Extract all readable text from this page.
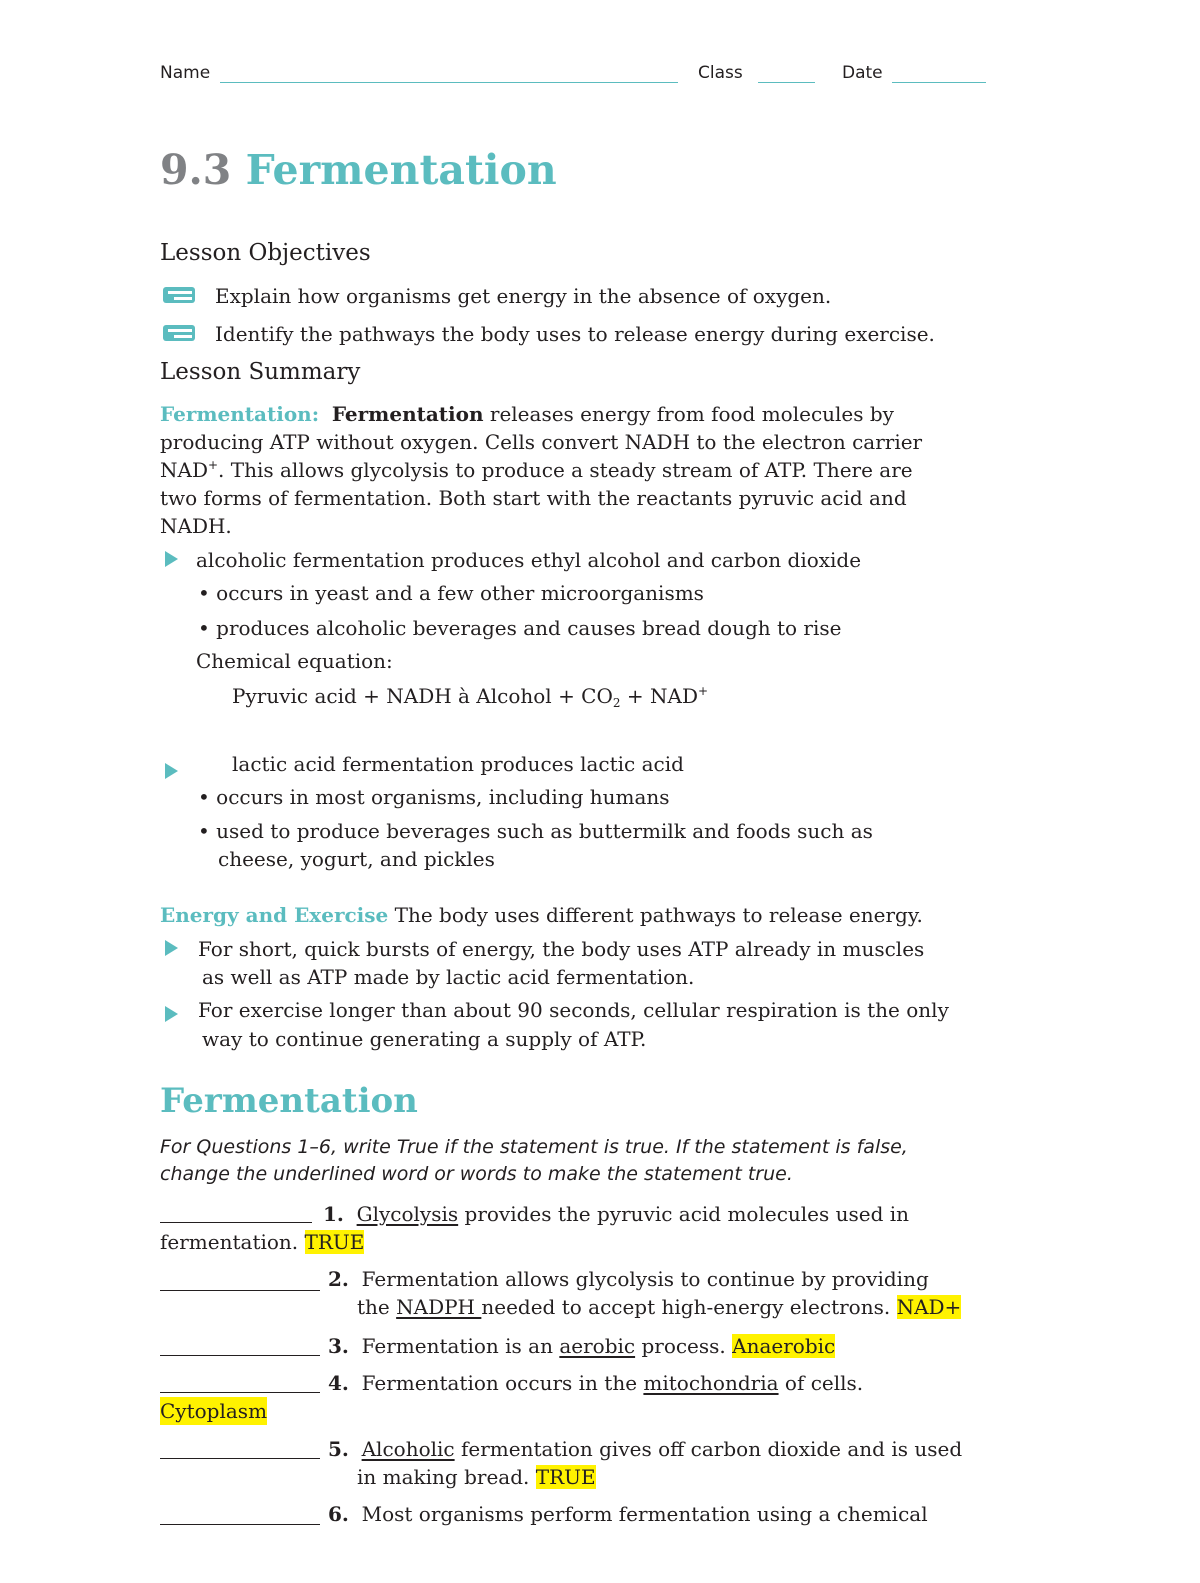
Name	Class	Date
9.3 Fermentation
Lesson Objectives
Explain how organisms get energy in the absence of oxygen.
Identify the pathways the body uses to release energy during exercise.
Lesson Summary
Fermentation: Fermentation releases energy from food molecules by
producing ATP without oxygen. Cells convert NADH to the electron carrier
NAD+. This allows glycolysis to produce a steady stream of ATP. There are
two forms of fermentation. Both start with the reactants pyruvic acid and
NADH.
alcoholic fermentation produces ethyl alcohol and carbon dioxide
• occurs in yeast and a few other microorganisms
• produces alcoholic beverages and causes bread dough to rise
Chemical equation:
Pyruvic acid + NADH à Alcohol + $CO_2 + NAD^+$
lactic acid fermentation produces lactic acid
• occurs in most organisms, including humans
• used to produce beverages such as buttermilk and foods such as
cheese, yogurt, and pickles
Energy and Exercise The body uses different pathways to release energy.
For short, quick bursts of energy, the body uses ATP already in muscles
as well as ATP made by lactic acid fermentation.
For exercise longer than about 90 seconds, cellular respiration is the only
way to continue generating a supply of ATP.
Fermentation
For Questions 1–6, write True if the statement is true. If the statement is false,
change the underlined word or words to make the statement true.
1. Glycolysis provides the pyruvic acid molecules used in
fermentation. TRUE
2. Fermentation allows glycolysis to continue by providing
the NADPH needed to accept high-energy electrons. NAD+
3. Fermentation is an aerobic process. Anaerobic
4. Fermentation occurs in the mitochondria of cells.
Cytoplasm
5. Alcoholic fermentation gives off carbon dioxide and is used
in making bread. TRUE
6. Most organisms perform fermentation using a chemical
